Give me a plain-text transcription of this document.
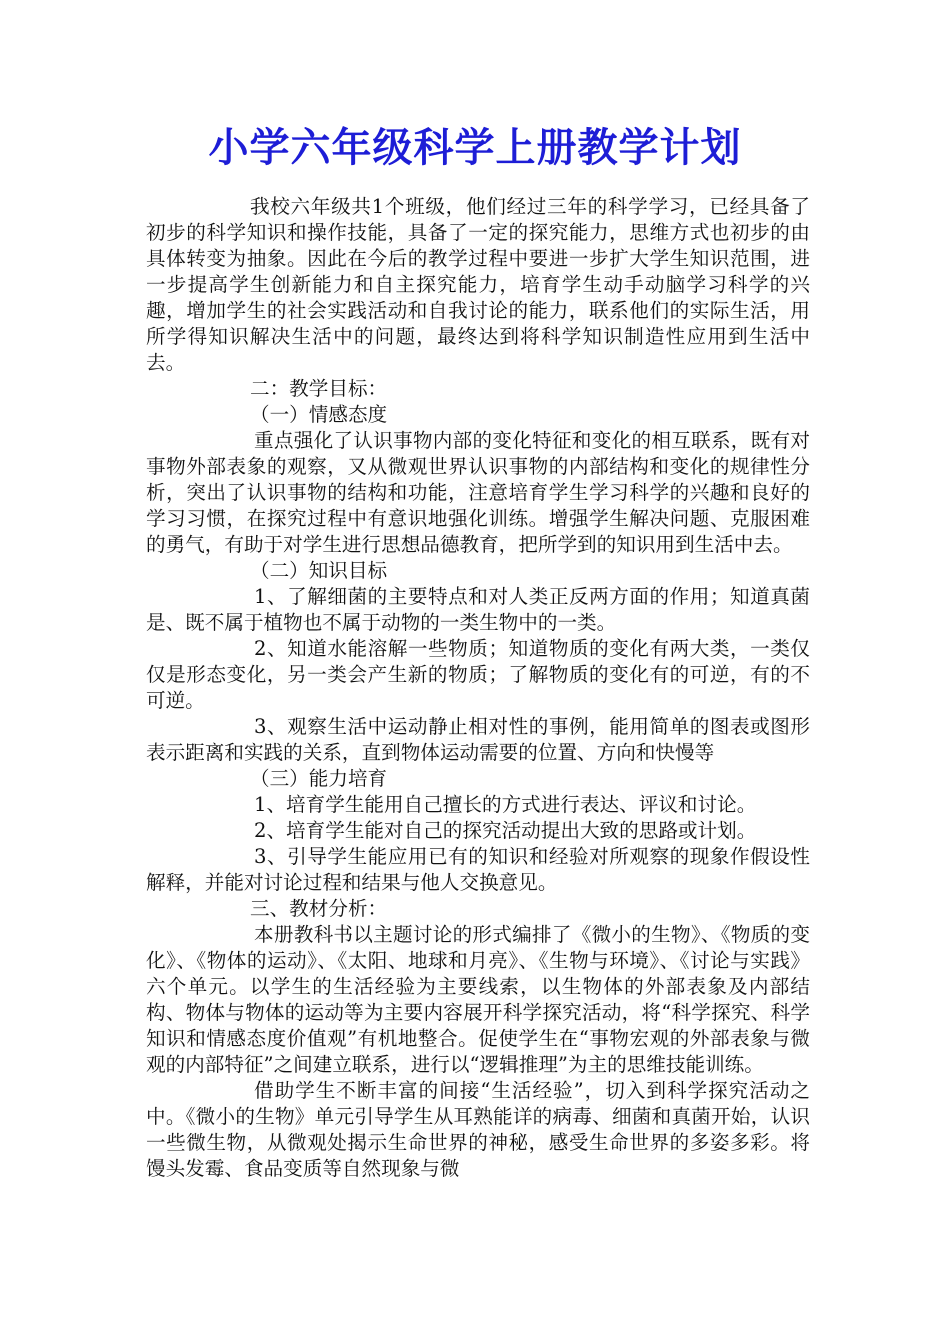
小学六年级科学上册教学计划

我校六年级共1个班级，他们经过三年的科学学习，已经具备了初步的科学知识和操作技能，具备了一定的探究能力，思维方式也初步的由具体转变为抽象。因此在今后的教学过程中要进一步扩大学生知识范围，进一步提高学生创新能力和自主探究能力，培育学生动手动脑学习科学的兴趣，增加学生的社会实践活动和自我讨论的能力，联系他们的实际生活，用所学得知识解决生活中的问题，最终达到将科学知识制造性应用到生活中去。

二：教学目标：

（一）情感态度

重点强化了认识事物内部的变化特征和变化的相互联系，既有对事物外部表象的观察，又从微观世界认识事物的内部结构和变化的规律性分析，突出了认识事物的结构和功能，注意培育学生学习科学的兴趣和良好的学习习惯，在探究过程中有意识地强化训练。增强学生解决问题、克服困难的勇气，有助于对学生进行思想品德教育，把所学到的知识用到生活中去。

（二）知识目标

1、了解细菌的主要特点和对人类正反两方面的作用；知道真菌是、既不属于植物也不属于动物的一类生物中的一类。

2、知道水能溶解一些物质；知道物质的变化有两大类，一类仅仅是形态变化，另一类会产生新的物质；了解物质的变化有的可逆，有的不可逆。

3、观察生活中运动静止相对性的事例，能用简单的图表或图形表示距离和实践的关系，直到物体运动需要的位置、方向和快慢等

（三）能力培育

1、培育学生能用自己擅长的方式进行表达、评议和讨论。

2、培育学生能对自己的探究活动提出大致的思路或计划。

3、引导学生能应用已有的知识和经验对所观察的现象作假设性解释，并能对讨论过程和结果与他人交换意见。

三、教材分析：

本册教科书以主题讨论的形式编排了《微小的生物》、《物质的变化》、《物体的运动》、《太阳、地球和月亮》、《生物与环境》、《讨论与实践》六个单元。以学生的生活经验为主要线索，以生物体的外部表象及内部结构、物体与物体的运动等为主要内容展开科学探究活动，将“科学探究、科学知识和情感态度价值观”有机地整合。促使学生在“事物宏观的外部表象与微观的内部特征”之间建立联系，进行以“逻辑推理”为主的思维技能训练。

借助学生不断丰富的间接“生活经验”，切入到科学探究活动之中。《微小的生物》单元引导学生从耳熟能详的病毒、细菌和真菌开始，认识一些微生物，从微观处揭示生命世界的神秘，感受生命世界的多姿多彩。将馒头发霉、食品变质等自然现象与微
